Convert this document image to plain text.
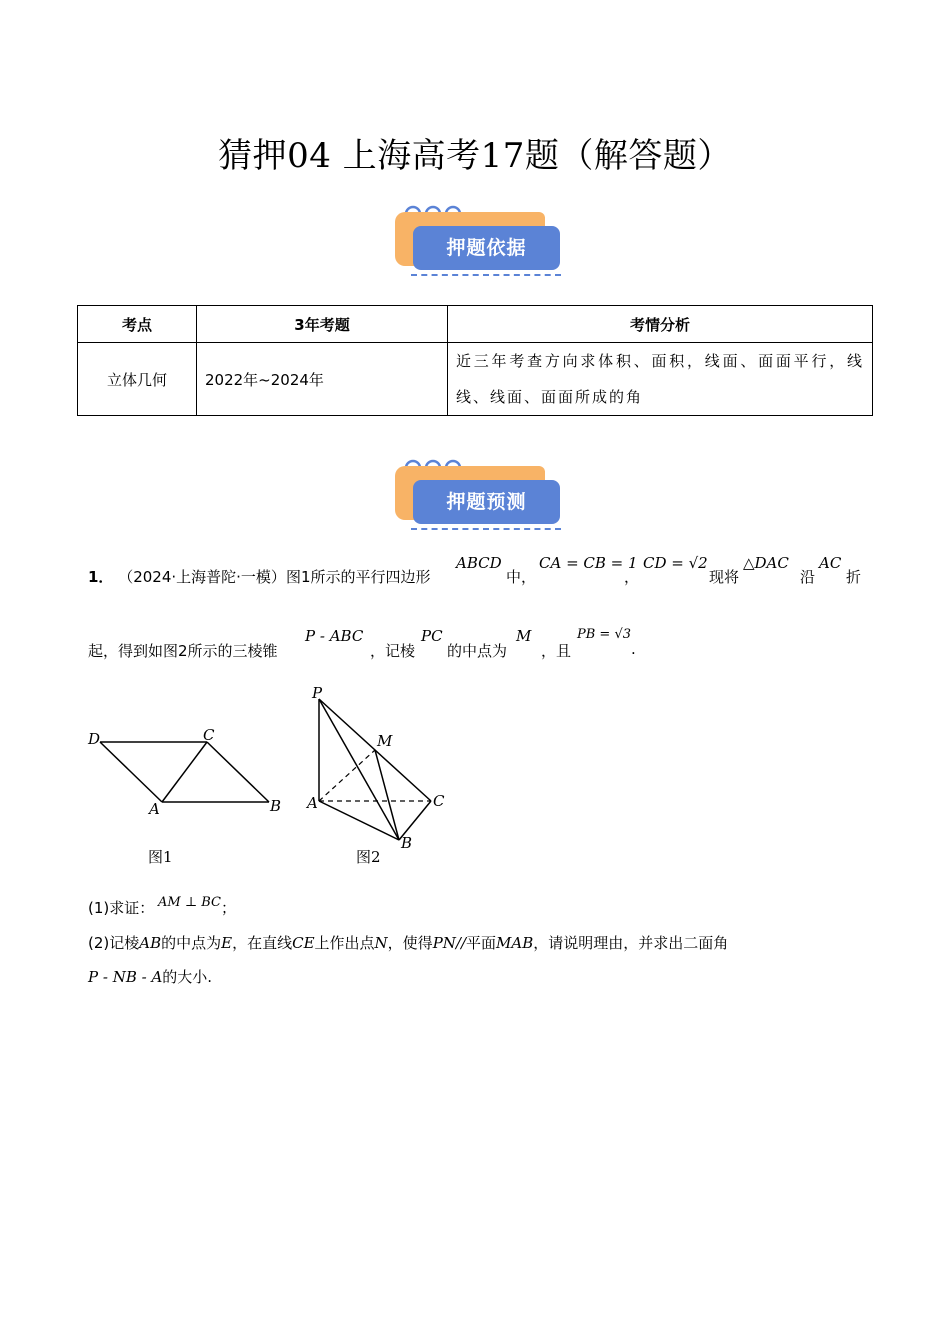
猜押04 上海高考17题（解答题）
押题依据
考点	3年考题	考情分析
立体几何	2022年~2024年	近三年考查方向求体积、面积，线面、面面平行，线线、线面、面面所成的角
押题预测
1． （2024·上海普陀·一模）图1所示的平行四边形
ABCD
中，
CA = CB = 1
，
CD = √2
现将
△DAC
沿
AC
折
起，得到如图2所示的三棱锥
P - ABC
，记棱
PC
的中点为
M
，且
PB = √3
.
D	C
A	B
图1
P
M
A	C
B
图2
(1)求证： AM ⊥ BC ；
(2)记棱AB的中点为E，在直线CE上作出点N，使得PN//平面MAB，请说明理由，并求出二面角
P - NB - A的大小.
